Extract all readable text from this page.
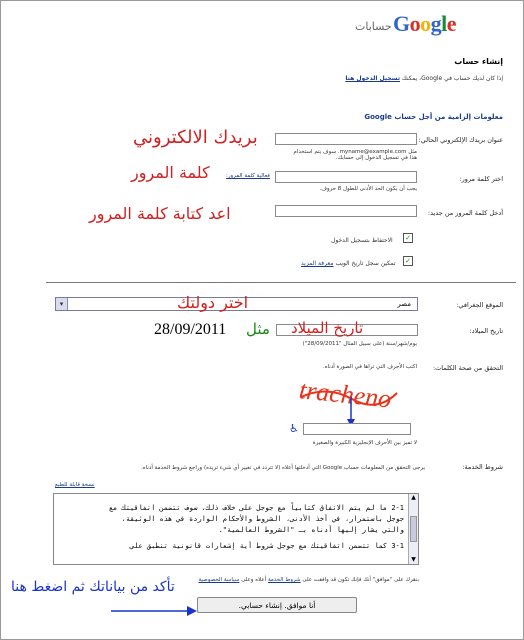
Google
حسابات
إنشاء حساب
إذا كان لديك حساب في Google، يمكنك تسجيل الدخول هنا
معلومات إلزامية من أجل حساب Google
عنوان بريدك الإلكتروني الحالي:
مثل myname@example.com. سوف يتم استخدام هذا في تسجيل الدخول إلى حسابك.
بريدك الالكتروني
اختر كلمة مرور:
فعالية كلمة المرور:
يجب أن يكون الحد الأدنى للطول 8 حروف.
كلمة المرور
أدخل كلمة المرور من جديد:
اعد كتابة كلمة المرور
الاحتفاظ بتسجيل الدخول ✓
تمكين سجل تاريخ الويب معرفة المزيد	✓
الموقع الجغرافي:
مصر
▾	اختر دولتك
تاريخ الميلاد:
تاريخ الميلاد
مثل
28/09/2011
يوم/شهر/سنة (على سبيل المثال "28/09/2011")
التحقق من صحة الكلمات:
اكتب الأحرف التي تراها في الصورة أدناه.
tracheno
♿
لا تميز بين الأحرف الإنجليزية الكبيرة والصغيرة
شروط الخدمة:
يرجى التحقق من المعلومات حساب Google التي أدخلتها أعلاه (لا تتردد في تغيير أي شيء تريده) وراجع شروط الخدمة أدناه.
نسخة قابلة للطبع
2-1 ما لم يتم الاتفاق كتابياً مع جوجل على خلاف ذلك، سوف تتضمن اتفاقيتك مع
جوجل باستمرار، في أخذ الأدنى، الشروط والأحكام الواردة في هذه الوثيقة،
والتي يشار إليها أدناه بـ "الشروط العالمية".
3-1 كما تتضمن اتفاقيتك مع جوجل شروط أية إشعارات قانونية تنطبق على
▲
▼
بنقرك على "موافق" أنك فإنك تكون قد وافقت على شروط الخدمة أعلاه وعلى سياسة الخصوصية
تأكد من بياناتك ثم اضغط هنا
أنا موافق. إنشاء حسابي.
